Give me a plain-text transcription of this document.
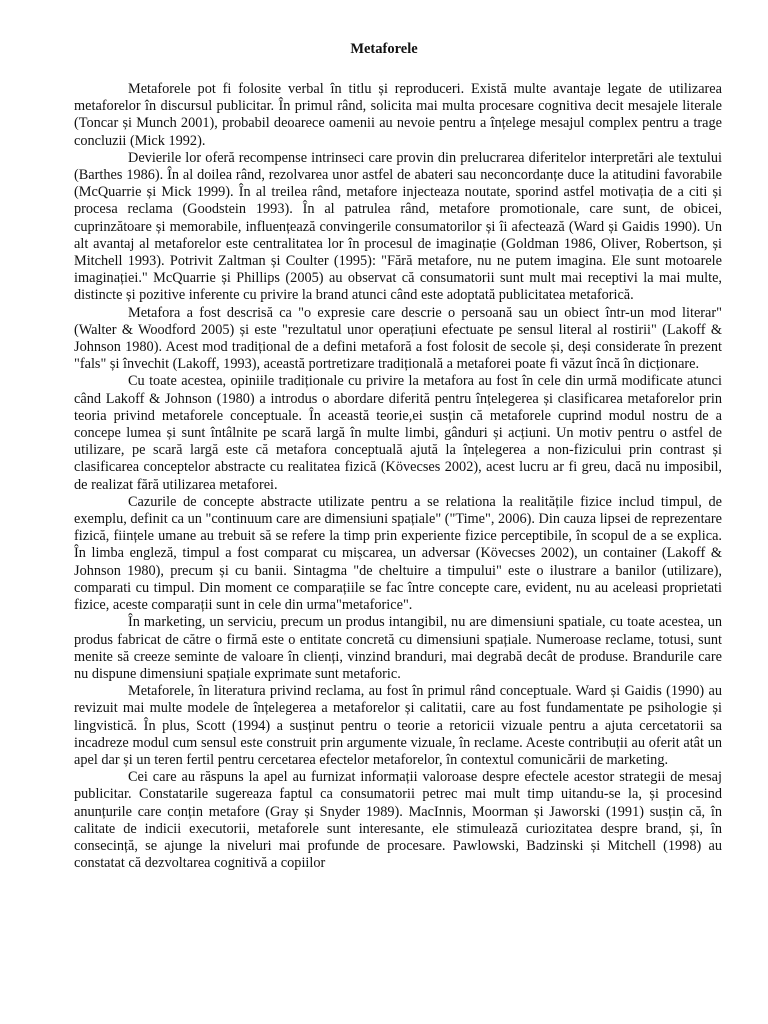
Metaforele

Metaforele pot fi folosite verbal în titlu și reproduceri. Există multe avantaje legate de utilizarea metaforelor în discursul publicitar. În primul rând, solicita mai multa procesare cognitiva decit mesajele literale (Toncar și Munch 2001), probabil deoarece oamenii au nevoie pentru a înțelege mesajul complex pentru a trage concluzii (Mick 1992).

Devierile lor oferă recompense intrinseci care provin din prelucrarea diferitelor interpretări ale textului (Barthes 1986). În al doilea rând, rezolvarea unor astfel de abateri sau neconcordanțe duce la atitudini favorabile (McQuarrie și Mick 1999). În al treilea rând, metafore injecteaza noutate, sporind astfel motivația de a citi și procesa reclama (Goodstein 1993). În al patrulea rând, metafore promotionale, care sunt, de obicei, cuprinzătoare și memorabile, influențează convingerile consumatorilor și îi afectează (Ward și Gaidis 1990). Un alt avantaj al metaforelor este centralitatea lor în procesul de imaginație (Goldman 1986, Oliver, Robertson, și Mitchell 1993). Potrivit Zaltman și Coulter (1995): "Fără metafore, nu ne putem imagina. Ele sunt motoarele imaginației." McQuarrie și Phillips (2005) au observat că consumatorii sunt mult mai receptivi la mai multe, distincte și pozitive inferente cu privire la brand atunci când este adoptată publicitatea metaforică.

Metafora a fost descrisă ca "o expresie care descrie o persoană sau un obiect într-un mod literar" (Walter & Woodford 2005) și este "rezultatul unor operațiuni efectuate pe sensul literal al rostirii" (Lakoff & Johnson 1980). Acest mod tradițional de a defini metaforă a fost folosit de secole și, deși considerate în prezent "fals" și învechit (Lakoff, 1993), această portretizare tradițională a metaforei poate fi văzut încă în dicționare.

Cu toate acestea, opiniile tradiționale cu privire la metafora au fost în cele din urmă modificate atunci când Lakoff & Johnson (1980) a introdus o abordare diferită pentru înțelegerea și clasificarea metaforelor prin teoria privind metaforele conceptuale. În această teorie,ei susțin că metaforele cuprind modul nostru de a concepe lumea și sunt întâlnite pe scară largă în multe limbi, gânduri și acțiuni. Un motiv pentru o astfel de utilizare, pe scară largă este că metafora conceptuală ajută la înțelegerea a non-fizicului prin contrast și clasificarea conceptelor abstracte cu realitatea fizică (Kövecses 2002), acest lucru ar fi greu, dacă nu imposibil, de realizat fără utilizarea metaforei.

Cazurile de concepte abstracte utilizate pentru a se relationa la realitățile fizice includ timpul, de exemplu, definit ca un "continuum care are dimensiuni spațiale" ("Time", 2006). Din cauza lipsei de reprezentare fizică, ființele umane au trebuit să se refere la timp prin experiente fizice perceptibile, în scopul de a se explica. În limba engleză, timpul a fost comparat cu mișcarea, un adversar (Kövecses 2002), un container (Lakoff & Johnson 1980), precum și cu banii. Sintagma "de cheltuire a timpului" este o ilustrare a banilor (utilizare), comparati cu timpul. Din moment ce comparațiile se fac între concepte care, evident, nu au aceleasi proprietati fizice, aceste comparații sunt in cele din urma"metaforice".

În marketing, un serviciu, precum un produs intangibil, nu are dimensiuni spatiale, cu toate acestea, un produs fabricat de către o firmă este o entitate concretă cu dimensiuni spațiale. Numeroase reclame, totusi, sunt menite să creeze seminte de valoare în clienți, vinzind branduri, mai degrabă decât de produse. Brandurile care nu dispune dimensiuni spațiale exprimate sunt metaforic.

Metaforele, în literatura privind reclama, au fost în primul rând conceptuale. Ward și Gaidis (1990) au revizuit mai multe modele de înțelegerea a metaforelor și calitatii, care au fost fundamentate pe psihologie și lingvistică. În plus, Scott (1994) a susținut pentru o teorie a retoricii vizuale pentru a ajuta cercetatorii sa incadreze modul cum sensul este construit prin argumente vizuale, în reclame. Aceste contribuții au oferit atât un apel dar și un teren fertil pentru cercetarea efectelor metaforelor, în contextul comunicării de marketing.

Cei care au răspuns la apel au furnizat informații valoroase despre efectele acestor strategii de mesaj publicitar. Constatarile sugereaza faptul ca consumatorii petrec mai mult timp uitandu-se la, și procesind anunțurile care conțin metafore (Gray și Snyder 1989). MacInnis, Moorman și Jaworski (1991) susțin că, în calitate de indicii executorii, metaforele sunt interesante, ele stimulează curiozitatea despre brand, și, în consecință, se ajunge la niveluri mai profunde de procesare. Pawlowski, Badzinski și Mitchell (1998) au constatat că dezvoltarea cognitivă a copiilor
